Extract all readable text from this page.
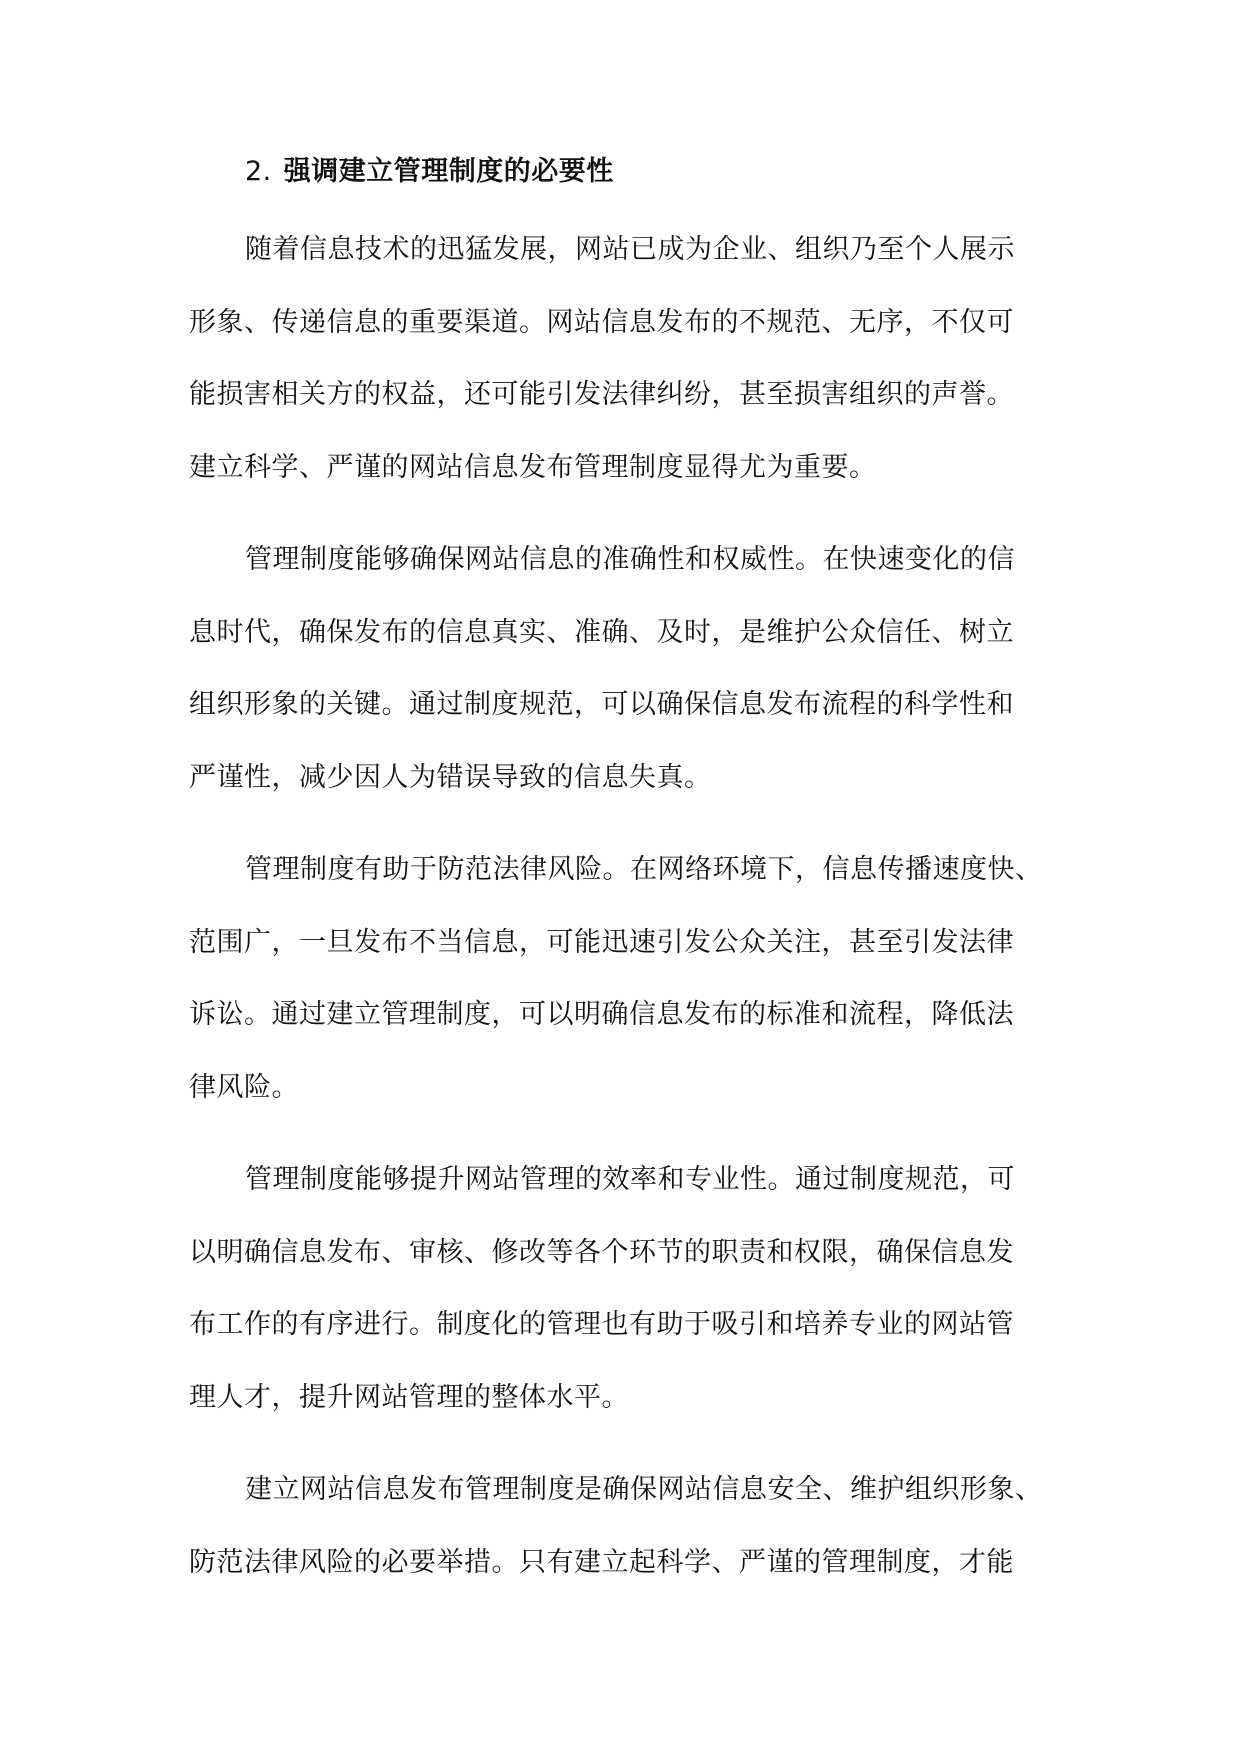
2. 强调建立管理制度的必要性

随着信息技术的迅猛发展，网站已成为企业、组织乃至个人展示
形象、传递信息的重要渠道。网站信息发布的不规范、无序，不仅可
能损害相关方的权益，还可能引发法律纠纷，甚至损害组织的声誉。
建立科学、严谨的网站信息发布管理制度显得尤为重要。

管理制度能够确保网站信息的准确性和权威性。在快速变化的信
息时代，确保发布的信息真实、准确、及时，是维护公众信任、树立
组织形象的关键。通过制度规范，可以确保信息发布流程的科学性和
严谨性，减少因人为错误导致的信息失真。

管理制度有助于防范法律风险。在网络环境下，信息传播速度快、
范围广，一旦发布不当信息，可能迅速引发公众关注，甚至引发法律
诉讼。通过建立管理制度，可以明确信息发布的标准和流程，降低法
律风险。

管理制度能够提升网站管理的效率和专业性。通过制度规范，可
以明确信息发布、审核、修改等各个环节的职责和权限，确保信息发
布工作的有序进行。制度化的管理也有助于吸引和培养专业的网站管
理人才，提升网站管理的整体水平。

建立网站信息发布管理制度是确保网站信息安全、维护组织形象、
防范法律风险的必要举措。只有建立起科学、严谨的管理制度，才能
